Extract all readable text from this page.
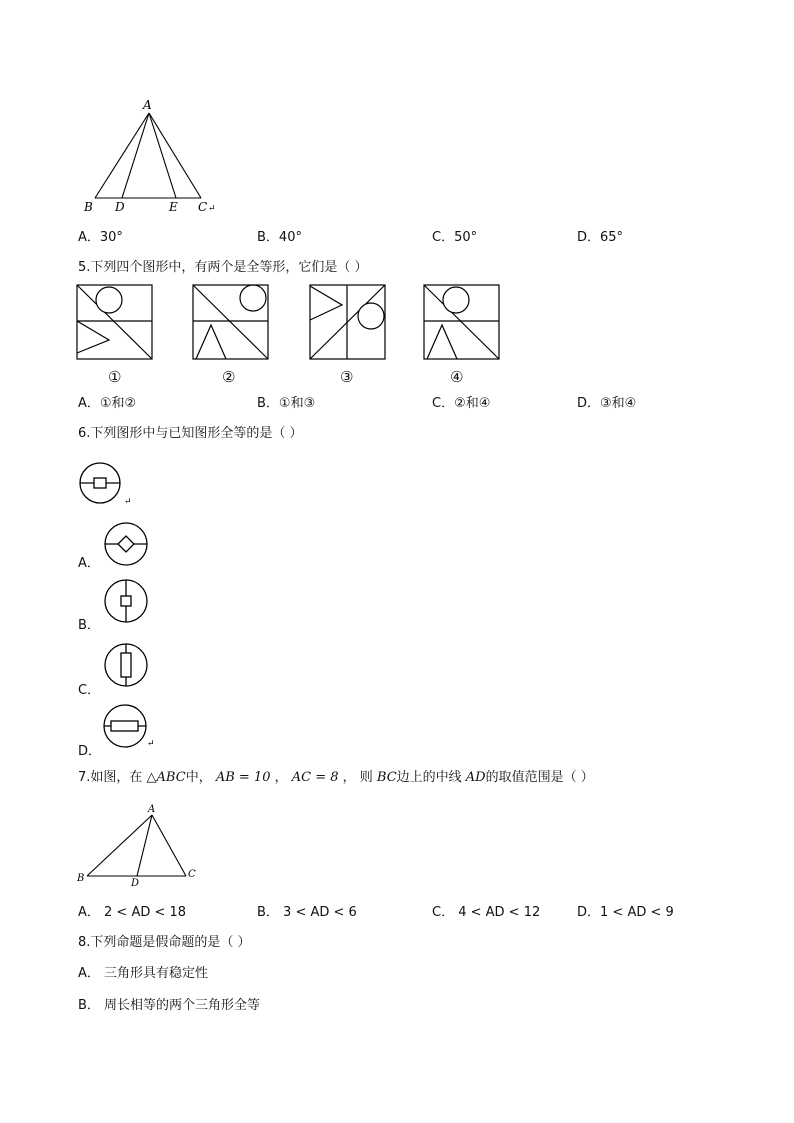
A
B D	E C ↵
A．30°	B．40°	C．50°	D．65°
5.下列四个图形中，有两个是全等形，它们是（ ）
①	②	③	④
A．①和②	B．①和③	C．②和④	D．③和④
6.下列图形中与已知图形全等的是（ ）
↵
A．
B．
C．
↵
D．
7.如图，在 △ABC中， AB = 10 ， AC = 8 ， 则 BC边上的中线 AD的取值范围是（ ）
A
B	D
C
A． 2 < AD < 18	B． 3 < AD < 6	C． 4 < AD < 12	D．1 < AD < 9
8.下列命题是假命题的是（ ）
A． 三角形具有稳定性
B． 周长相等的两个三角形全等
